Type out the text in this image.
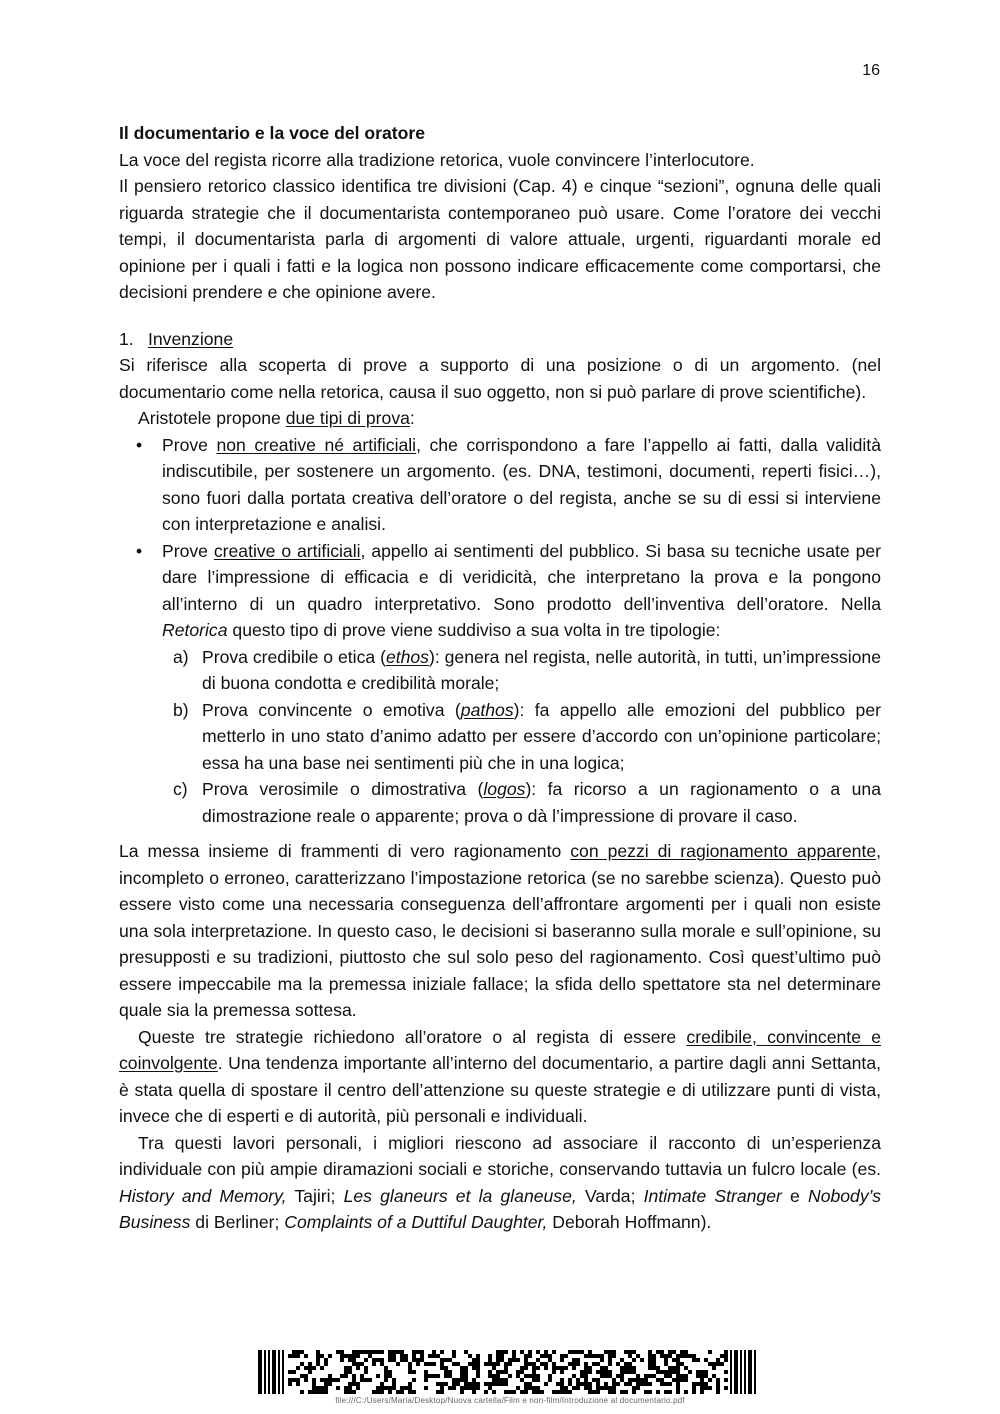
16

Il documentario e la voce del oratore

La voce del regista ricorre alla tradizione retorica, vuole convincere l’interlocutore.

Il pensiero retorico classico identifica tre divisioni (Cap. 4) e cinque “sezioni”, ognuna delle quali riguarda strategie che il documentarista contemporaneo può usare. Come l’oratore dei vecchi tempi, il documentarista parla di argomenti di valore attuale, urgenti, riguardanti morale ed opinione per i quali i fatti e la logica non possono indicare efficacemente come comportarsi, che decisioni prendere e che opinione avere.

1. Invenzione

Si riferisce alla scoperta di prove a supporto di una posizione o di un argomento. (nel documentario come nella retorica, causa il suo oggetto, non si può parlare di prove scientifiche).

Aristotele propone due tipi di prova:

•	Prove non creative né artificiali, che corrispondono a fare l’appello ai fatti, dalla validità indiscutibile, per sostenere un argomento. (es. DNA, testimoni, documenti, reperti fisici…), sono fuori dalla portata creativa dell’oratore o del regista, anche se su di essi si interviene con interpretazione e analisi.
•	Prove creative o artificiali, appello ai sentimenti del pubblico. Si basa su tecniche usate per dare l’impressione di efficacia e di veridicità, che interpretano la prova e la pongono all’interno di un quadro interpretativo. Sono prodotto dell’inventiva dell’oratore. Nella Retorica questo tipo di prove viene suddiviso a sua volta in tre tipologie:
a) Prova credibile o etica (ethos): genera nel regista, nelle autorità, in tutti, un’impressione di buona condotta e credibilità morale;
b) Prova convincente o emotiva (pathos): fa appello alle emozioni del pubblico per metterlo in uno stato d’animo adatto per essere d’accordo con un’opinione particolare; essa ha una base nei sentimenti più che in una logica;
c) Prova verosimile o dimostrativa (logos): fa ricorso a un ragionamento o a una dimostrazione reale o apparente; prova o dà l’impressione di provare il caso.

La messa insieme di frammenti di vero ragionamento con pezzi di ragionamento apparente, incompleto o erroneo, caratterizzano l’impostazione retorica (se no sarebbe scienza). Questo può essere visto come una necessaria conseguenza dell’affrontare argomenti per i quali non esiste una sola interpretazione. In questo caso, le decisioni si baseranno sulla morale e sull’opinione, su presupposti e su tradizioni, piuttosto che sul solo peso del ragionamento. Così quest’ultimo può essere impeccabile ma la premessa iniziale fallace; la sfida dello spettatore sta nel determinare quale sia la premessa sottesa.

Queste tre strategie richiedono all’oratore o al regista di essere credibile, convincente e coinvolgente. Una tendenza importante all’interno del documentario, a partire dagli anni Settanta, è stata quella di spostare il centro dell’attenzione su queste strategie e di utilizzare punti di vista, invece che di esperti e di autorità, più personali e individuali.

Tra questi lavori personali, i migliori riescono ad associare il racconto di un’esperienza individuale con più ampie diramazioni sociali e storiche, conservando tuttavia un fulcro locale (es. History and Memory, Tajiri; Les glaneurs et la glaneuse, Varda; Intimate Stranger e Nobody’s Business di Berliner; Complaints of a Duttiful Daughter, Deborah Hoffmann).

file:///C:/Users/Maria/Desktop/Nuova cartella/Film e non-film/Introduzione al documentario.pdf
